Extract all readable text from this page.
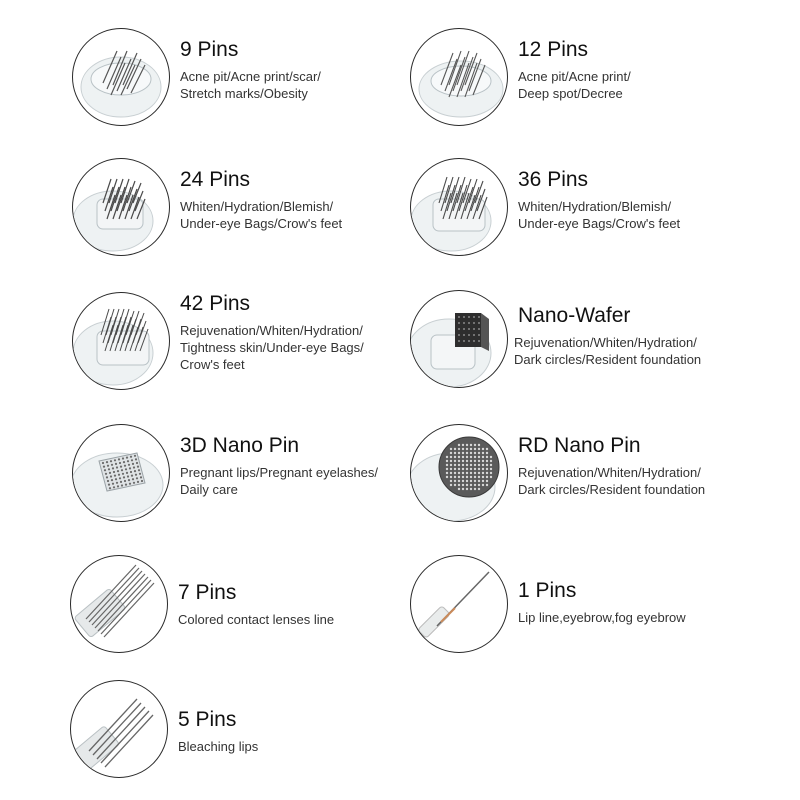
9 Pins
Acne pit/Acne print/scar/
Stretch marks/Obesity
12 Pins
Acne pit/Acne print/
Deep spot/Decree
24 Pins
Whiten/Hydration/Blemish/
Under-eye Bags/Crow's feet
36 Pins
Whiten/Hydration/Blemish/
Under-eye Bags/Crow's feet
42 Pins
Rejuvenation/Whiten/Hydration/
Tightness skin/Under-eye Bags/
Crow's feet
Nano-Wafer
Rejuvenation/Whiten/Hydration/
Dark circles/Resident foundation
3D Nano Pin
Pregnant lips/Pregnant eyelashes/
Daily care
RD Nano Pin
Rejuvenation/Whiten/Hydration/
Dark circles/Resident foundation
7 Pins
Colored contact lenses line
1 Pins
Lip line,eyebrow,fog eyebrow
5 Pins
Bleaching lips
